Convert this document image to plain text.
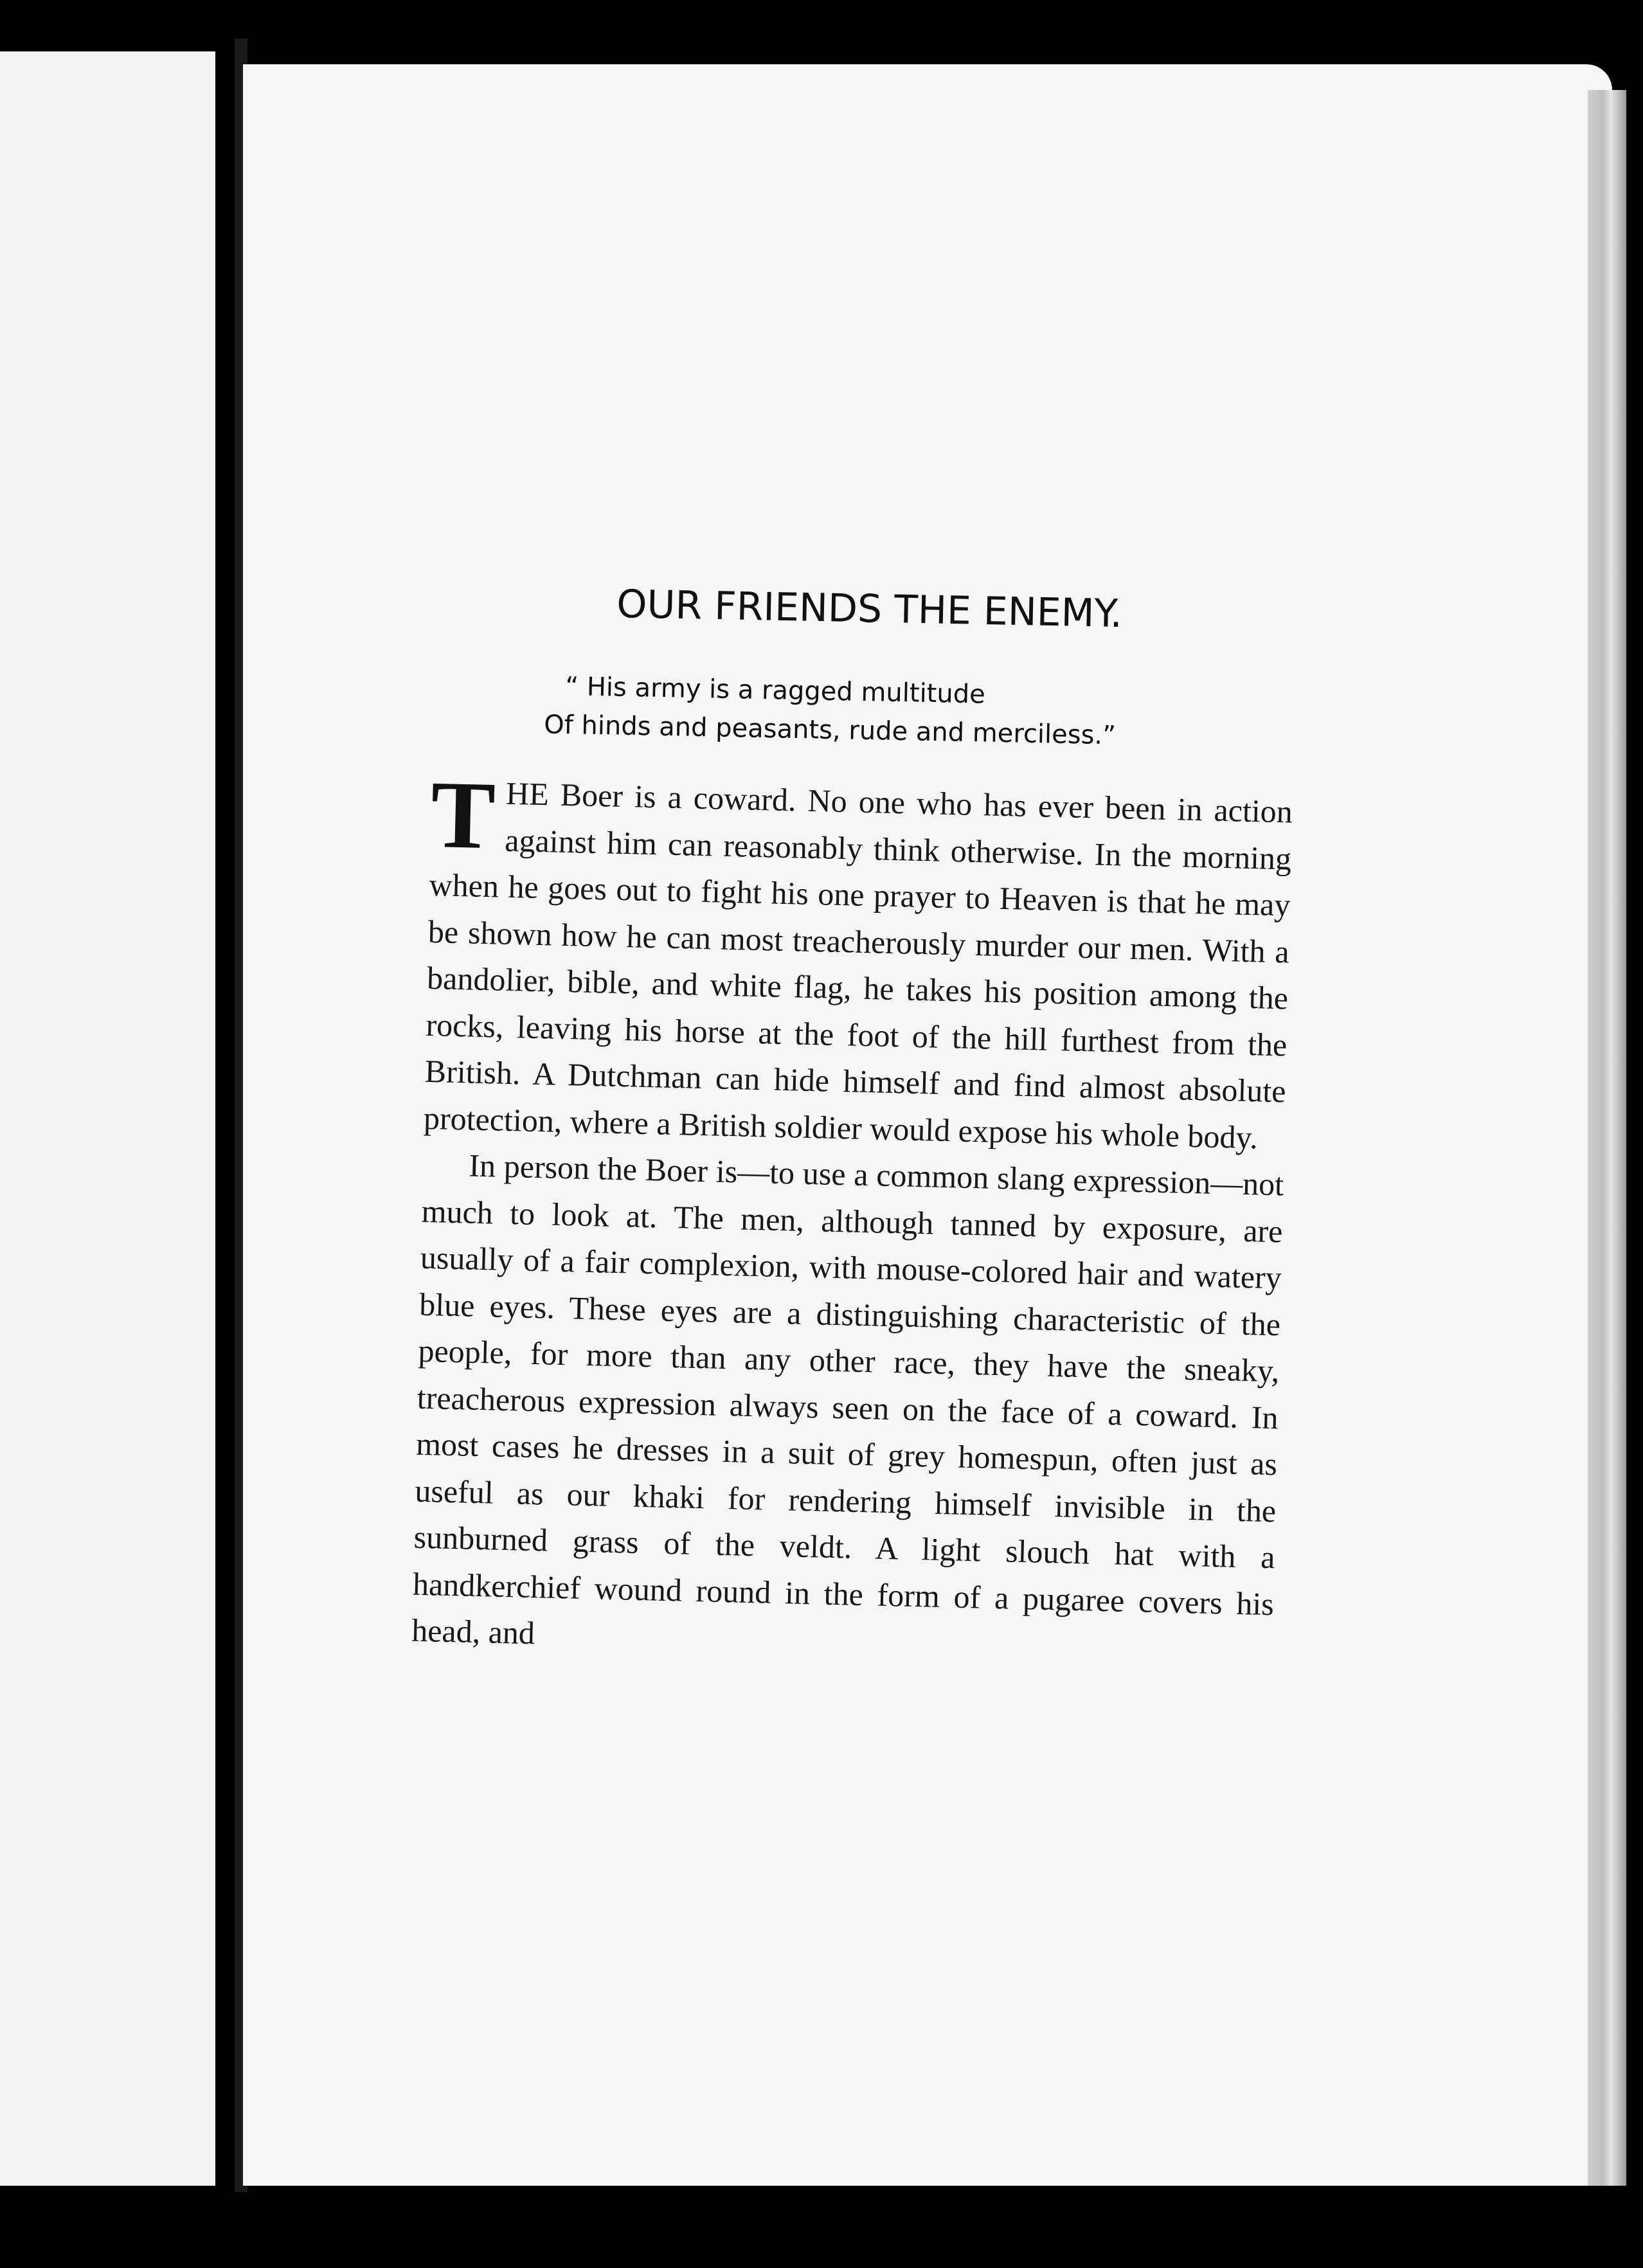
OUR FRIENDS THE ENEMY.
“ His army is a ragged multitude
Of hinds and peasants, rude and merciless.”

THE Boer is a coward. No one who has ever been in action against him can reasonably think otherwise. In the morning when he goes out to fight his one prayer to Heaven is that he may be shown how he can most treacherously murder our men. With a bandolier, bible, and white flag, he takes his position among the rocks, leaving his horse at the foot of the hill furthest from the British. A Dutchman can hide himself and find almost absolute protection, where a British soldier would expose his whole body.

In person the Boer is—to use a common slang expression—not much to look at. The men, although tanned by exposure, are usually of a fair complexion, with mouse-colored hair and watery blue eyes. These eyes are a distinguishing characteristic of the people, for more than any other race, they have the sneaky, treacherous expression always seen on the face of a coward. In most cases he dresses in a suit of grey homespun, often just as useful as our khaki for rendering himself invisible in the sunburned grass of the veldt. A light slouch hat with a handkerchief wound round in the form of a pugaree covers his head, and
